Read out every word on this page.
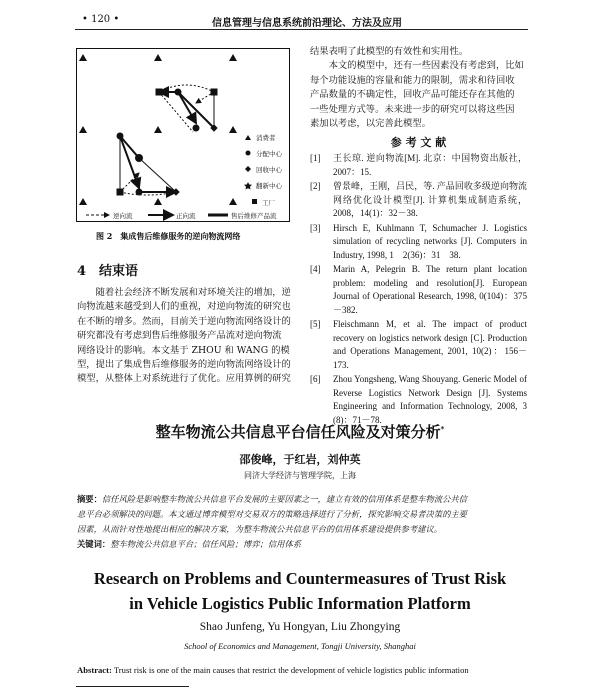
• 120 •	信息管理与信息系统前沿理论、方法及应用
消费者
分配中心
回收中心
翻新中心
工厂
逆向流	正向流	售后维修产品流
图 2　集成售后维修服务的逆向物流网络
4　结束语
　　随着社会经济不断发展和对环境关注的增加，逆
向物流越来越受到人们的重视，对逆向物流的研究也
在不断的增多。然而，目前关于逆向物流网络设计的
研究都没有考虑到售后维修服务产品流对逆向物流
网络设计的影响。本文基于 ZHOU 和 WANG 的模
型，提出了集成售后维修服务的逆向物流网络设计的
模型，从整体上对系统进行了优化。应用算例的研究
结果表明了此模型的有效性和实用性。
　　本文的模型中，还有一些因素没有考虑到，比如
每个功能设施的容量和能力的限制，需求和待回收
产品数量的不确定性，回收产品可能还存在其他的
一些处理方式等。未来进一步的研究可以将这些因
素加以考虑，以完善此模型。
参 考 文 献
[1] 王长琼. 逆向物流[M]. 北京：中国物资出版社，2007：15.
[2] 曾景峰，王刚，吕民，等. 产品回收多级逆向物流网络优化设计模型[J]. 计算机集成制造系统，2008，14(1)：32－38.
[3] Hirsch E, Kuhlmann T, Schumacher J. Logistics simulation of recycling networks [J]. Computers in Industry, 1998, 1　2(36)：31　38.
[4] Marin A, Pelegrin B. The return plant location problem: modeling and resolution[J]. European Journal of Operational Research, 1998, 0(104)：375－382.
[5] Fleischmann M, et al. The impact of product recovery on logistics network design [C]. Production and Operations Management, 2001, 10(2)：156－173.
[6] Zhou Yongsheng, Wang Shouyang. Generic Model of Reverse Logistics Network Design [J]. Systems Engineering and Information Technology, 2008, 3 (8)：71－78.
整车物流公共信息平台信任风险及对策分析*
邵俊峰，于红岩，刘仲英
同济大学经济与管理学院，上海
摘要：信任风险是影响整车物流公共信息平台发展的主要因素之一，建立有效的信用体系是整车物流公共信
息平台必须解决的问题。本文通过博弈模型对交易双方的策略选择进行了分析，探究影响交易者决策的主要
因素，从而针对性地提出相应的解决方案，为整车物流公共信息平台的信用体系建设提供参考建议。
关键词：整车物流公共信息平台；信任风险；博弈；信用体系
Research on Problems and Countermeasures of Trust Risk
in Vehicle Logistics Public Information Platform
Shao Junfeng, Yu Hongyan, Liu Zhongying
School of Economics and Management, Tongji University, Shanghai
Abstract: Trust risk is one of the main causes that restrict the development of vehicle logistics public information
